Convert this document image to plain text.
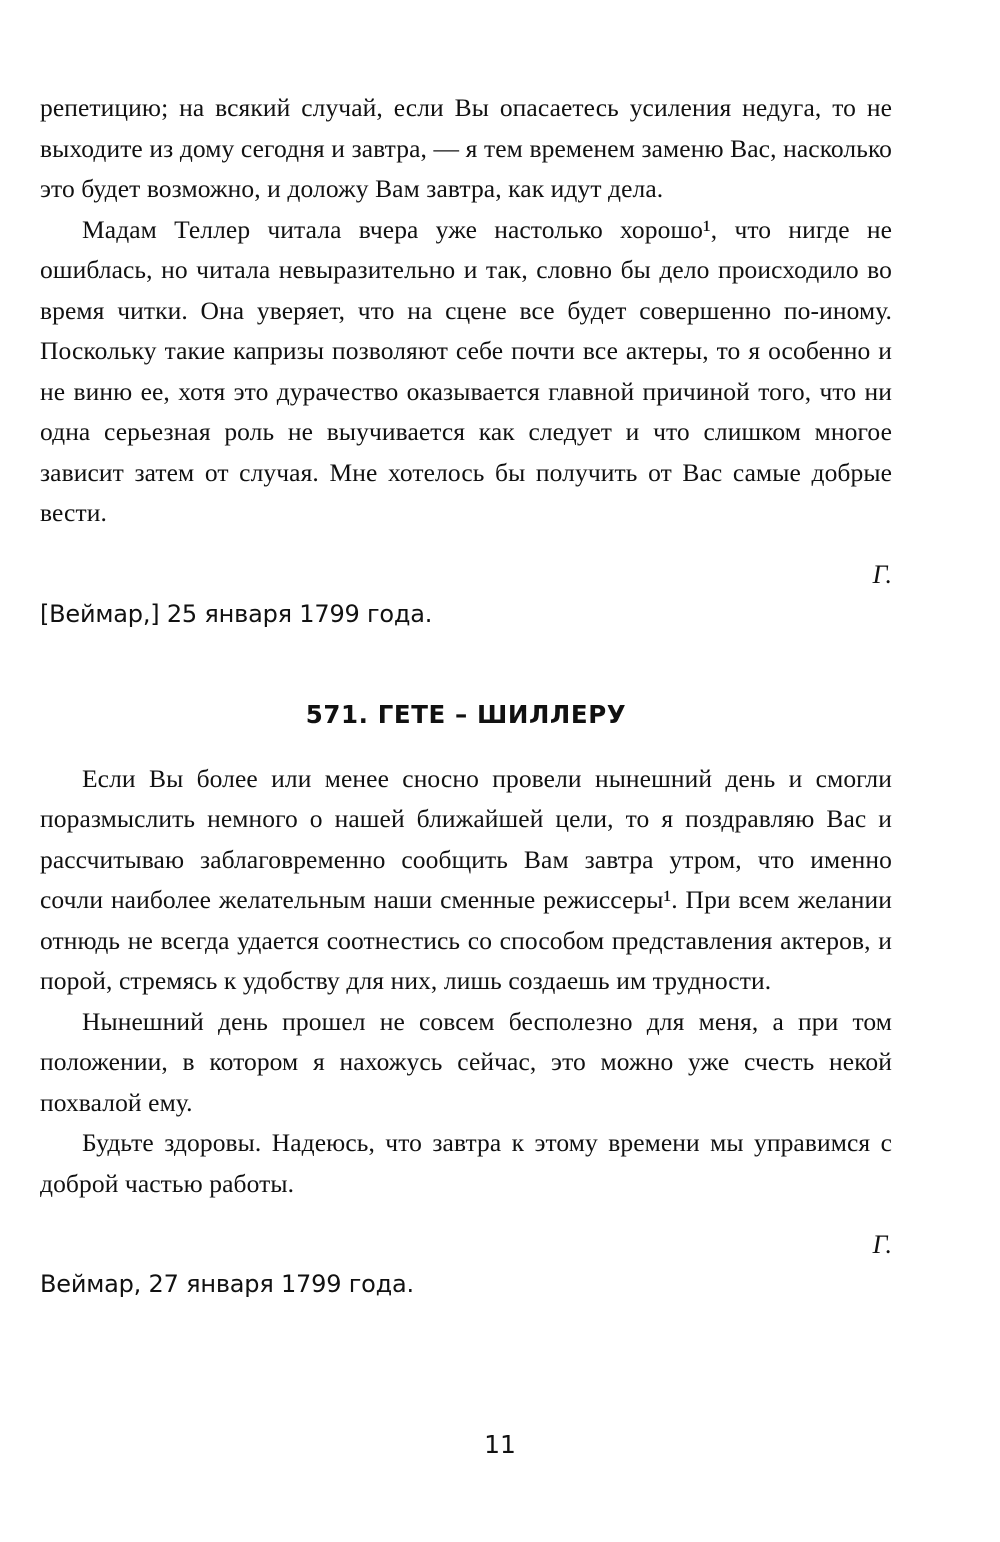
репетицию; на всякий случай, если Вы опасаетесь усиления недуга, то не выходите из дому сегодня и завтра, — я тем временем заменю Вас, насколько это будет возможно, и доложу Вам завтра, как идут дела.

Мадам Теллер читала вчера уже настолько хорошо¹, что нигде не ошиблась, но читала невыразительно и так, словно бы дело происходило во время читки. Она уверяет, что на сцене все будет совершенно по-иному. Поскольку такие капризы позволяют себе почти все актеры, то я особенно и не виню ее, хотя это дурачество оказывается главной причиной того, что ни одна серьезная роль не выучивается как следует и что слишком многое зависит затем от случая. Мне хотелось бы получить от Вас самые добрые вести.

Г.

[Веймар,] 25 января 1799 года.

571. ГЕТЕ – ШИЛЛЕРУ

Если Вы более или менее сносно провели нынешний день и смогли поразмыслить немного о нашей ближайшей цели, то я поздравляю Вас и рассчитываю заблаговременно сообщить Вам завтра утром, что именно сочли наиболее желательным наши сменные режиссеры¹. При всем желании отнюдь не всегда удается соотнестись со способом представления актеров, и порой, стремясь к удобству для них, лишь создаешь им трудности.

Нынешний день прошел не совсем бесполезно для меня, а при том положении, в котором я нахожусь сейчас, это можно уже счесть некой похвалой ему.

Будьте здоровы. Надеюсь, что завтра к этому времени мы управимся с доброй частью работы.

Г.

Веймар, 27 января 1799 года.

11
